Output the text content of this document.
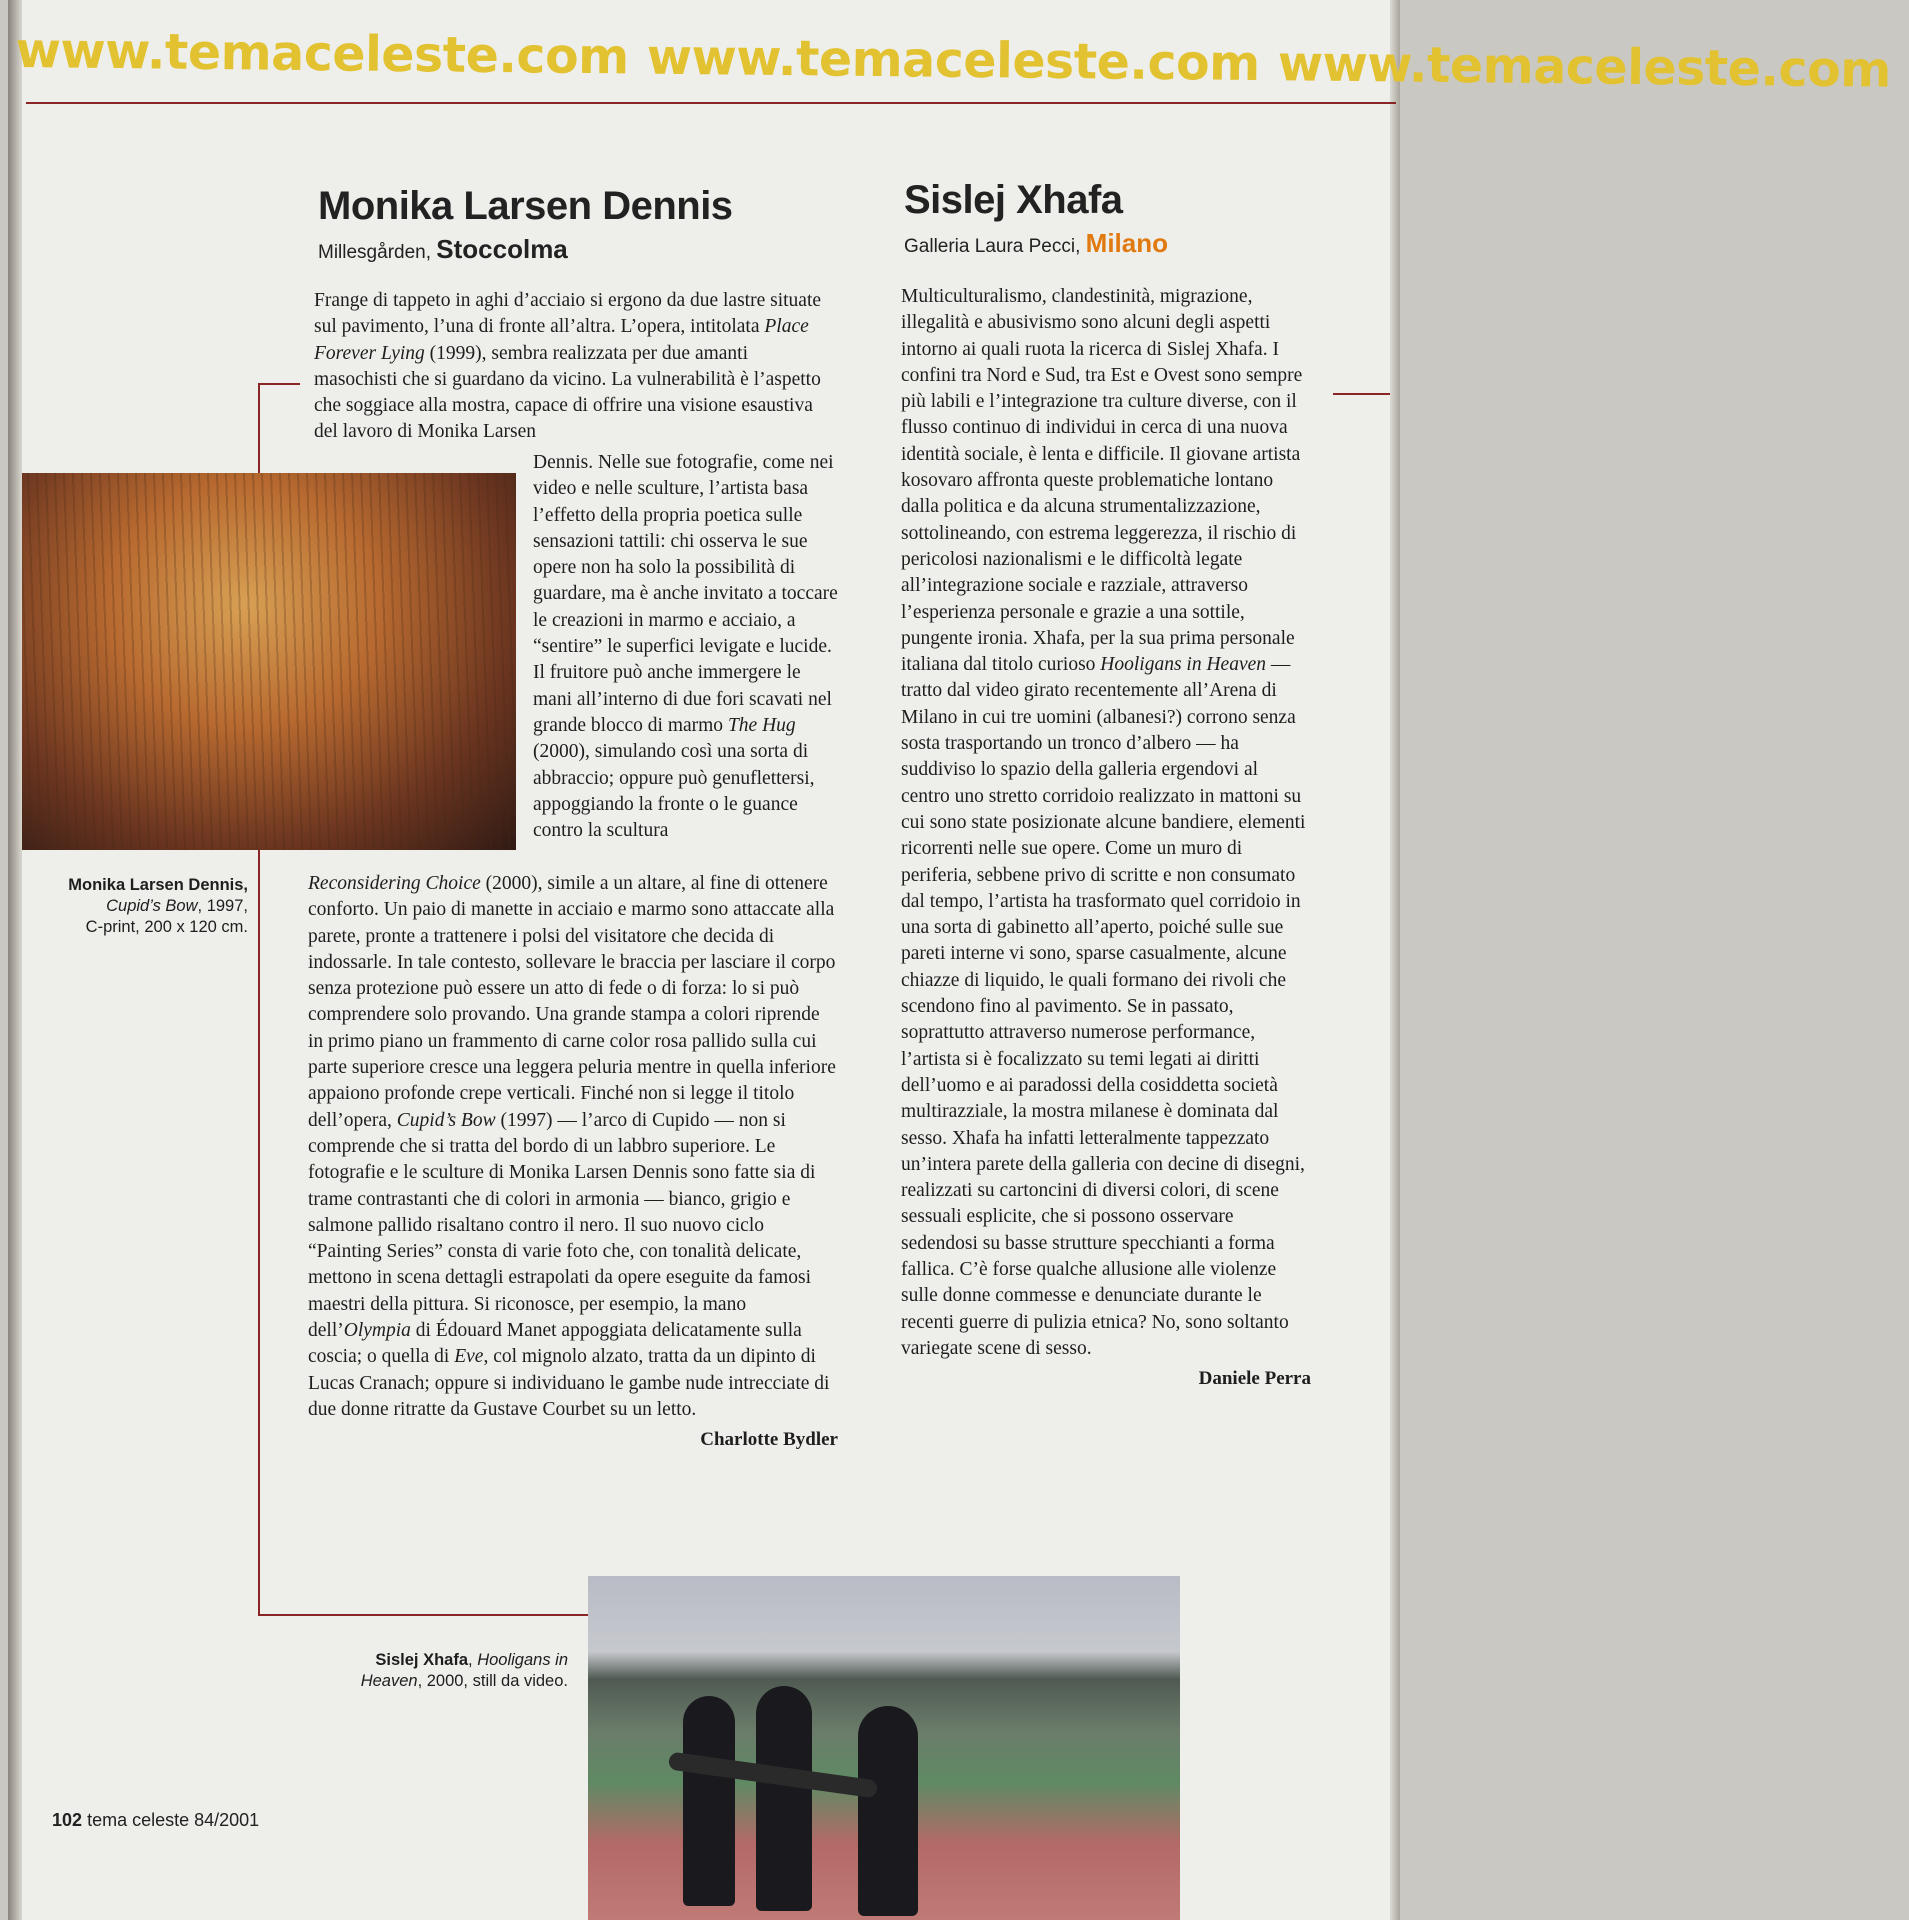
www.temaceleste.com www.temaceleste.com www.temaceleste.com
Monika Larsen Dennis
Millesgården, Stoccolma
Frange di tappeto in aghi d’acciaio si ergono da due lastre situate sul pavimento, l’una di fronte all’altra. L’opera, intitolata Place Forever Lying (1999), sembra realizzata per due amanti masochisti che si guardano da vicino. La vulnerabilità è l’aspetto che soggiace alla mostra, capace di offrire una visione esaustiva del lavoro di Monika Larsen
Dennis. Nelle sue fotografie, come nei video e nelle sculture, l’artista basa l’effetto della propria poetica sulle sensazioni tattili: chi osserva le sue opere non ha solo la possibilità di guardare, ma è anche invitato a toccare le creazioni in marmo e acciaio, a “sentire” le superfici levigate e lucide. Il fruitore può anche immergere le mani all’interno di due fori scavati nel grande blocco di marmo The Hug (2000), simulando così una sorta di abbraccio; oppure può genuflettersi, appoggiando la fronte o le guance contro la scultura
Reconsidering Choice (2000), simile a un altare, al fine di ottenere conforto. Un paio di manette in acciaio e marmo sono attaccate alla parete, pronte a trattenere i polsi del visitatore che decida di indossarle. In tale contesto, sollevare le braccia per lasciare il corpo senza protezione può essere un atto di fede o di forza: lo si può comprendere solo provando. Una grande stampa a colori riprende in primo piano un frammento di carne color rosa pallido sulla cui parte superiore cresce una leggera peluria mentre in quella inferiore appaiono profonde crepe verticali. Finché non si legge il titolo dell’opera, Cupid’s Bow (1997) — l’arco di Cupido — non si comprende che si tratta del bordo di un labbro superiore. Le fotografie e le sculture di Monika Larsen Dennis sono fatte sia di trame contrastanti che di colori in armonia — bianco, grigio e salmone pallido risaltano contro il nero. Il suo nuovo ciclo “Painting Series” consta di varie foto che, con tonalità delicate, mettono in scena dettagli estrapolati da opere eseguite da famosi maestri della pittura. Si riconosce, per esempio, la mano dell’Olympia di Édouard Manet appoggiata delicatamente sulla coscia; o quella di Eve, col mignolo alzato, tratta da un dipinto di Lucas Cranach; oppure si individuano le gambe nude intrecciate di due donne ritratte da Gustave Courbet su un letto.
Charlotte Bydler
Monika Larsen Dennis,
Cupid’s Bow, 1997,
C-print, 200 x 120 cm.
Sislej Xhafa
Galleria Laura Pecci, Milano
Multiculturalismo, clandestinità, migrazione, illegalità e abusivismo sono alcuni degli aspetti intorno ai quali ruota la ricerca di Sislej Xhafa. I confini tra Nord e Sud, tra Est e Ovest sono sempre più labili e l’integrazione tra culture diverse, con il flusso continuo di individui in cerca di una nuova identità sociale, è lenta e difficile. Il giovane artista kosovaro affronta queste problematiche lontano dalla politica e da alcuna strumentalizzazione, sottolineando, con estrema leggerezza, il rischio di pericolosi nazionalismi e le difficoltà legate all’integrazione sociale e razziale, attraverso l’esperienza personale e grazie a una sottile, pungente ironia. Xhafa, per la sua prima personale italiana dal titolo curioso Hooligans in Heaven — tratto dal video girato recentemente all’Arena di Milano in cui tre uomini (albanesi?) corrono senza sosta trasportando un tronco d’albero — ha suddiviso lo spazio della galleria ergendovi al centro uno stretto corridoio realizzato in mattoni su cui sono state posizionate alcune bandiere, elementi ricorrenti nelle sue opere. Come un muro di periferia, sebbene privo di scritte e non consumato dal tempo, l’artista ha trasformato quel corridoio in una sorta di gabinetto all’aperto, poiché sulle sue pareti interne vi sono, sparse casualmente, alcune chiazze di liquido, le quali formano dei rivoli che scendono fino al pavimento. Se in passato, soprattutto attraverso numerose performance, l’artista si è focalizzato su temi legati ai diritti dell’uomo e ai paradossi della cosiddetta società multirazziale, la mostra milanese è dominata dal sesso. Xhafa ha infatti letteralmente tappezzato un’intera parete della galleria con decine di disegni, realizzati su cartoncini di diversi colori, di scene sessuali esplicite, che si possono osservare sedendosi su basse strutture specchianti a forma fallica. C’è forse qualche allusione alle violenze sulle donne commesse e denunciate durante le recenti guerre di pulizia etnica? No, sono soltanto variegate scene di sesso.
Daniele Perra
Sislej Xhafa, Hooligans in
Heaven, 2000, still da video.
102 tema celeste 84/2001
